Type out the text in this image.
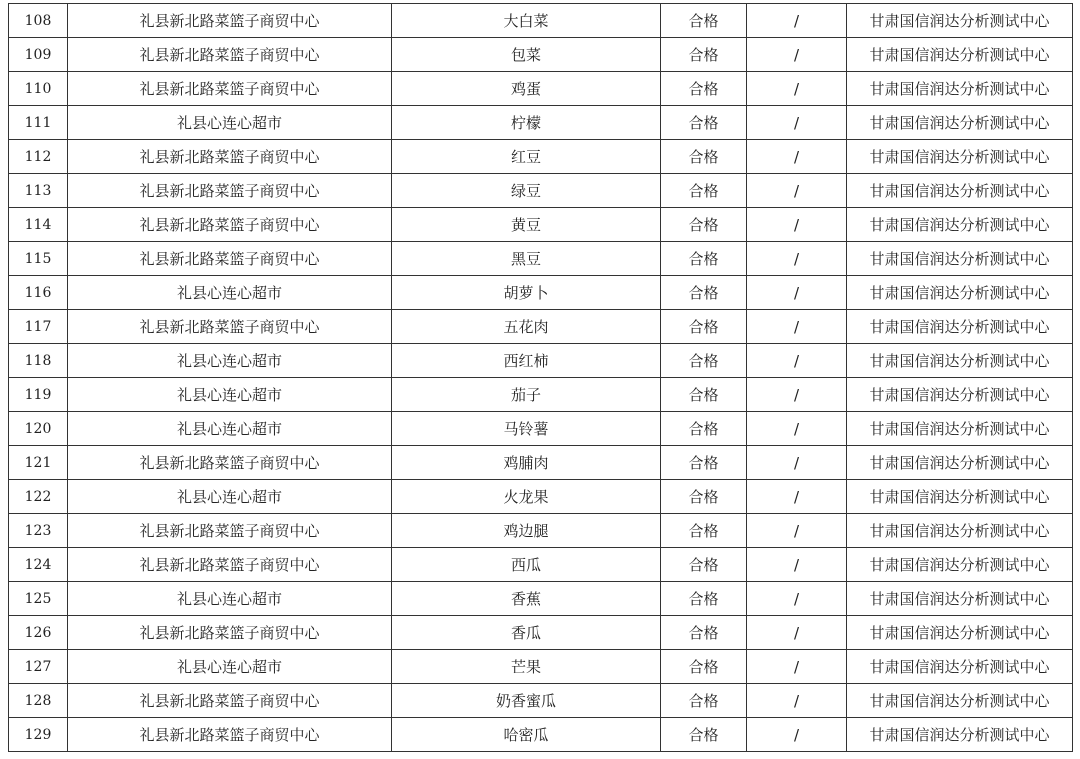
108	礼县新北路菜篮子商贸中心	大白菜	合格	/	甘肃国信润达分析测试中心
109	礼县新北路菜篮子商贸中心	包菜	合格	/	甘肃国信润达分析测试中心
110	礼县新北路菜篮子商贸中心	鸡蛋	合格	/	甘肃国信润达分析测试中心
111	礼县心连心超市	柠檬	合格	/	甘肃国信润达分析测试中心
112	礼县新北路菜篮子商贸中心	红豆	合格	/	甘肃国信润达分析测试中心
113	礼县新北路菜篮子商贸中心	绿豆	合格	/	甘肃国信润达分析测试中心
114	礼县新北路菜篮子商贸中心	黄豆	合格	/	甘肃国信润达分析测试中心
115	礼县新北路菜篮子商贸中心	黑豆	合格	/	甘肃国信润达分析测试中心
116	礼县心连心超市	胡萝卜	合格	/	甘肃国信润达分析测试中心
117	礼县新北路菜篮子商贸中心	五花肉	合格	/	甘肃国信润达分析测试中心
118	礼县心连心超市	西红柿	合格	/	甘肃国信润达分析测试中心
119	礼县心连心超市	茄子	合格	/	甘肃国信润达分析测试中心
120	礼县心连心超市	马铃薯	合格	/	甘肃国信润达分析测试中心
121	礼县新北路菜篮子商贸中心	鸡脯肉	合格	/	甘肃国信润达分析测试中心
122	礼县心连心超市	火龙果	合格	/	甘肃国信润达分析测试中心
123	礼县新北路菜篮子商贸中心	鸡边腿	合格	/	甘肃国信润达分析测试中心
124	礼县新北路菜篮子商贸中心	西瓜	合格	/	甘肃国信润达分析测试中心
125	礼县心连心超市	香蕉	合格	/	甘肃国信润达分析测试中心
126	礼县新北路菜篮子商贸中心	香瓜	合格	/	甘肃国信润达分析测试中心
127	礼县心连心超市	芒果	合格	/	甘肃国信润达分析测试中心
128	礼县新北路菜篮子商贸中心	奶香蜜瓜	合格	/	甘肃国信润达分析测试中心
129	礼县新北路菜篮子商贸中心	哈密瓜	合格	/	甘肃国信润达分析测试中心
